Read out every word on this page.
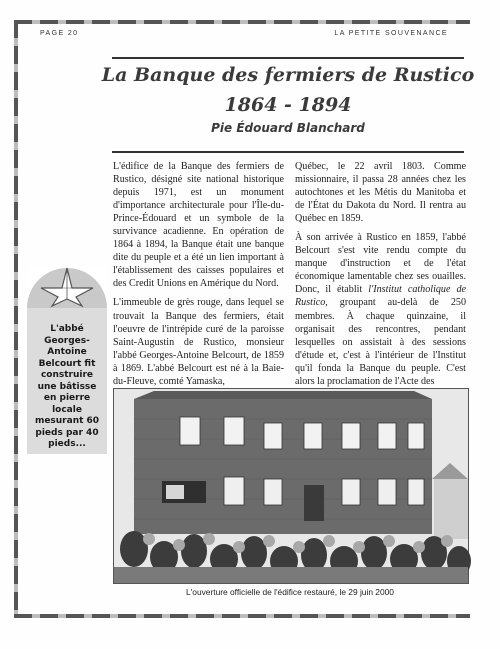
PAGE 20	LA PETITE SOUVENANCE
La Banque des fermiers de Rustico
1864 - 1894
Pie Édouard Blanchard

L'édifice de la Banque des fermiers de Rustico, désigné site national historique depuis 1971, est un monument d'importance architecturale pour l'Île-du-Prince-Édouard et un symbole de la survivance acadienne. En opération de 1864 à 1894, la Banque était une banque dite du peuple et a été un lien important à l'établissement des caisses populaires et des Credit Unions en Amérique du Nord.

L'immeuble de grès rouge, dans lequel se trouvait la Banque des fermiers, était l'oeuvre de l'intrépide curé de la paroisse Saint-Augustin de Rustico, monsieur l'abbé Georges-Antoine Belcourt, de 1859 à 1869. L'abbé Belcourt est né à la Baie-du-Fleuve, comté Yamaska,

Québec, le 22 avril 1803. Comme missionnaire, il passa 28 années chez les autochtones et les Métis du Manitoba et de l'État du Dakota du Nord. Il rentra au Québec en 1859.

À son arrivée à Rustico en 1859, l'abbé Belcourt s'est vite rendu compte du manque d'instruction et de l'état économique lamentable chez ses ouailles. Donc, il établit l'Institut catholique de Rustico, groupant au-delà de 250 membres. À chaque quinzaine, il organisait des rencontres, pendant lesquelles on assistait à des sessions d'étude et, c'est à l'intérieur de l'Institut qu'il fonda la Banque du peuple. C'est alors la proclamation de l'Acte des

L'abbé Georges-Antoine Belcourt fit construire une bâtisse en pierre locale mesurant 60 pieds par 40 pieds...
L'ouverture officielle de l'édifice restauré, le 29 juin 2000
